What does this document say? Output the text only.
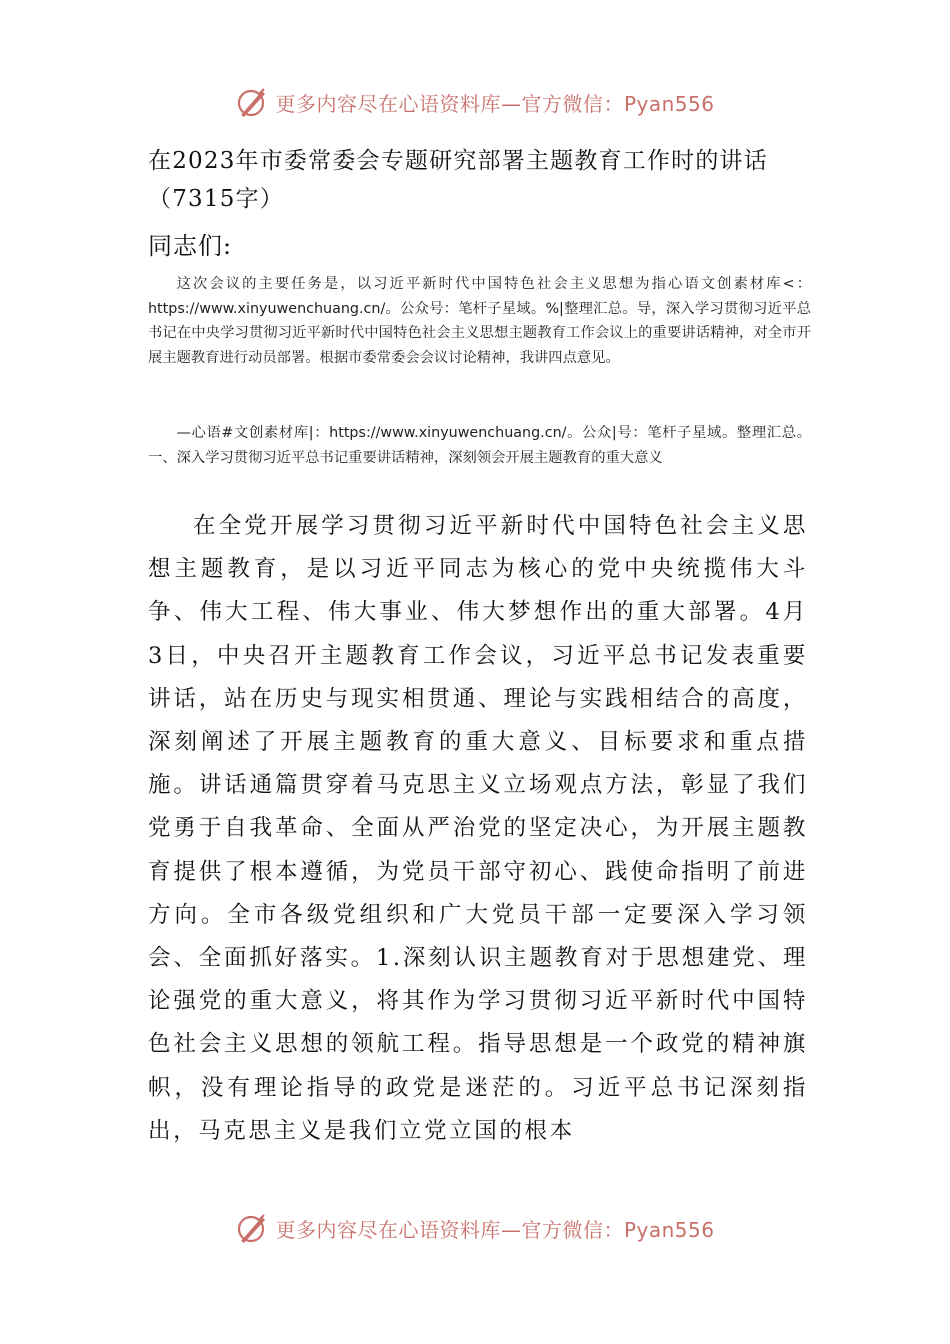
更多内容尽在心语资料库—官方微信：Pyan556
在2023年市委常委会专题研究部署主题教育工作时的讲话（7315字）
同志们:
这次会议的主要任务是，以习近平新时代中国特色社会主义思想为指心语文创素材库<：https://www.xinyuwenchuang.cn/。公众号：笔杆子星域。%|整理汇总。导，深入学习贯彻习近平总书记在中央学习贯彻习近平新时代中国特色社会主义思想主题教育工作会议上的重要讲话精神，对全市开展主题教育进行动员部署。根据市委常委会会议讨论精神，我讲四点意见。
—心语#文创素材库|：https://www.xinyuwenchuang.cn/。公众|号：笔杆子星域。整理汇总。一、深入学习贯彻习近平总书记重要讲话精神，深刻领会开展主题教育的重大意义
在全党开展学习贯彻习近平新时代中国特色社会主义思想主题教育，是以习近平同志为核心的党中央统揽伟大斗争、伟大工程、伟大事业、伟大梦想作出的重大部署。4月3日，中央召开主题教育工作会议，习近平总书记发表重要讲话，站在历史与现实相贯通、理论与实践相结合的高度，深刻阐述了开展主题教育的重大意义、目标要求和重点措施。讲话通篇贯穿着马克思主义立场观点方法，彰显了我们党勇于自我革命、全面从严治党的坚定决心，为开展主题教育提供了根本遵循，为党员干部守初心、践使命指明了前进方向。全市各级党组织和广大党员干部一定要深入学习领会、全面抓好落实。1.深刻认识主题教育对于思想建党、理论强党的重大意义，将其作为学习贯彻习近平新时代中国特色社会主义思想的领航工程。指导思想是一个政党的精神旗帜，没有理论指导的政党是迷茫的。习近平总书记深刻指出，马克思主义是我们立党立国的根本
更多内容尽在心语资料库—官方微信：Pyan556
